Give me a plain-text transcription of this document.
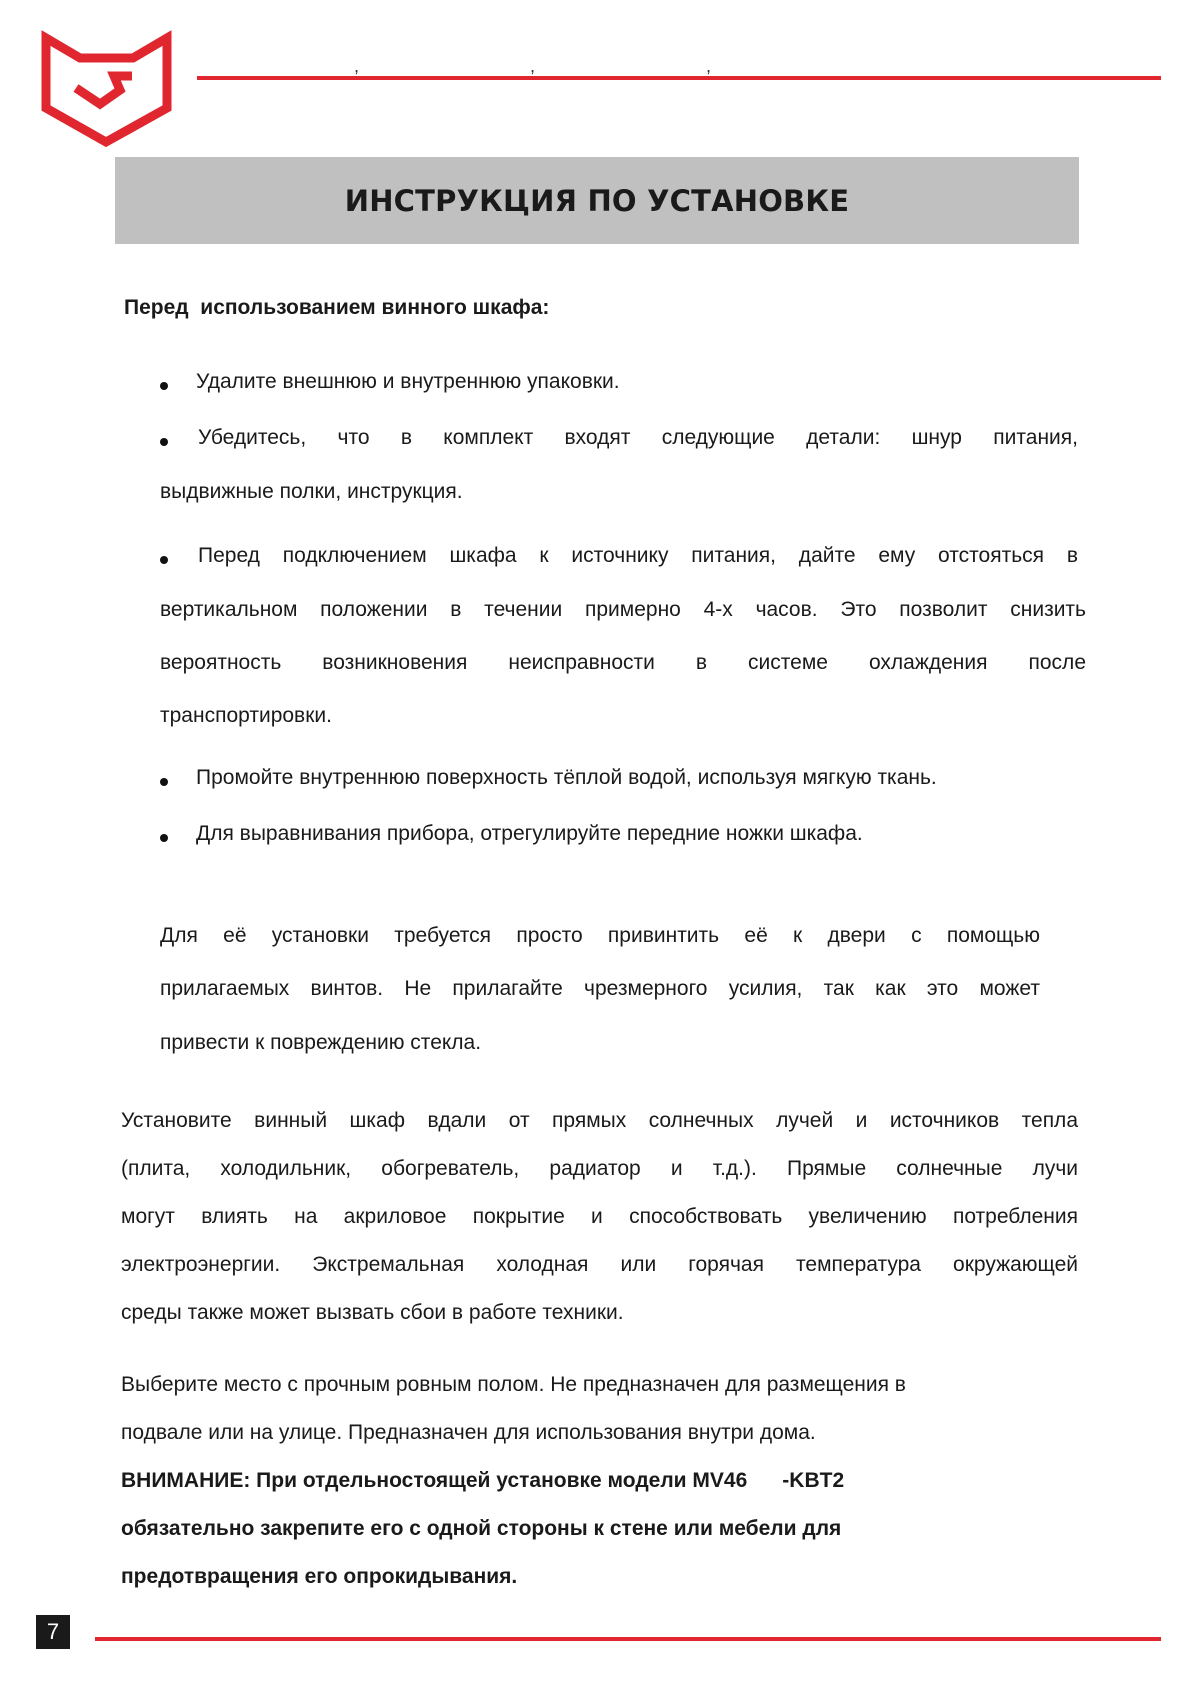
,	,	,
ИНСТРУКЦИЯ ПО УСТАНОВКЕ
Перед  использованием винного шкафа:
Удалите внешнюю и внутреннюю упаковки.
Убедитесь, что в комплект входят следующие детали: шнур питания,
выдвижные полки, инструкция.
Перед подключением шкафа к источнику питания, дайте ему отстояться в
вертикальном положении в течении примерно 4-х часов. Это позволит снизить
вероятность возникновения неисправности в системе охлаждения после
транспортировки.
Промойте внутреннюю поверхность тёплой водой, используя мягкую ткань.
Для выравнивания прибора, отрегулируйте передние ножки шкафа.
Для её установки требуется просто привинтить её к двери с помощью
прилагаемых винтов. Не прилагайте чрезмерного усилия, так как это может
привести к повреждению стекла.
Установите винный шкаф вдали от прямых солнечных лучей и источников тепла
(плита, холодильник, обогреватель, радиатор и т.д.). Прямые солнечные лучи
могут влиять на акриловое покрытие и способствовать увеличению потребления
электроэнергии. Экстремальная холодная или горячая температура окружающей
среды также может вызвать сбои в работе техники.
Выберите место с прочным ровным полом. Не предназначен для размещения в
подвале или на улице. Предназначен для использования внутри дома.
ВНИМАНИЕ: При отдельностоящей установке модели MV46      -KBT2
обязательно закрепите его с одной стороны к стене или мебели для
предотвращения его опрокидывания.
7
